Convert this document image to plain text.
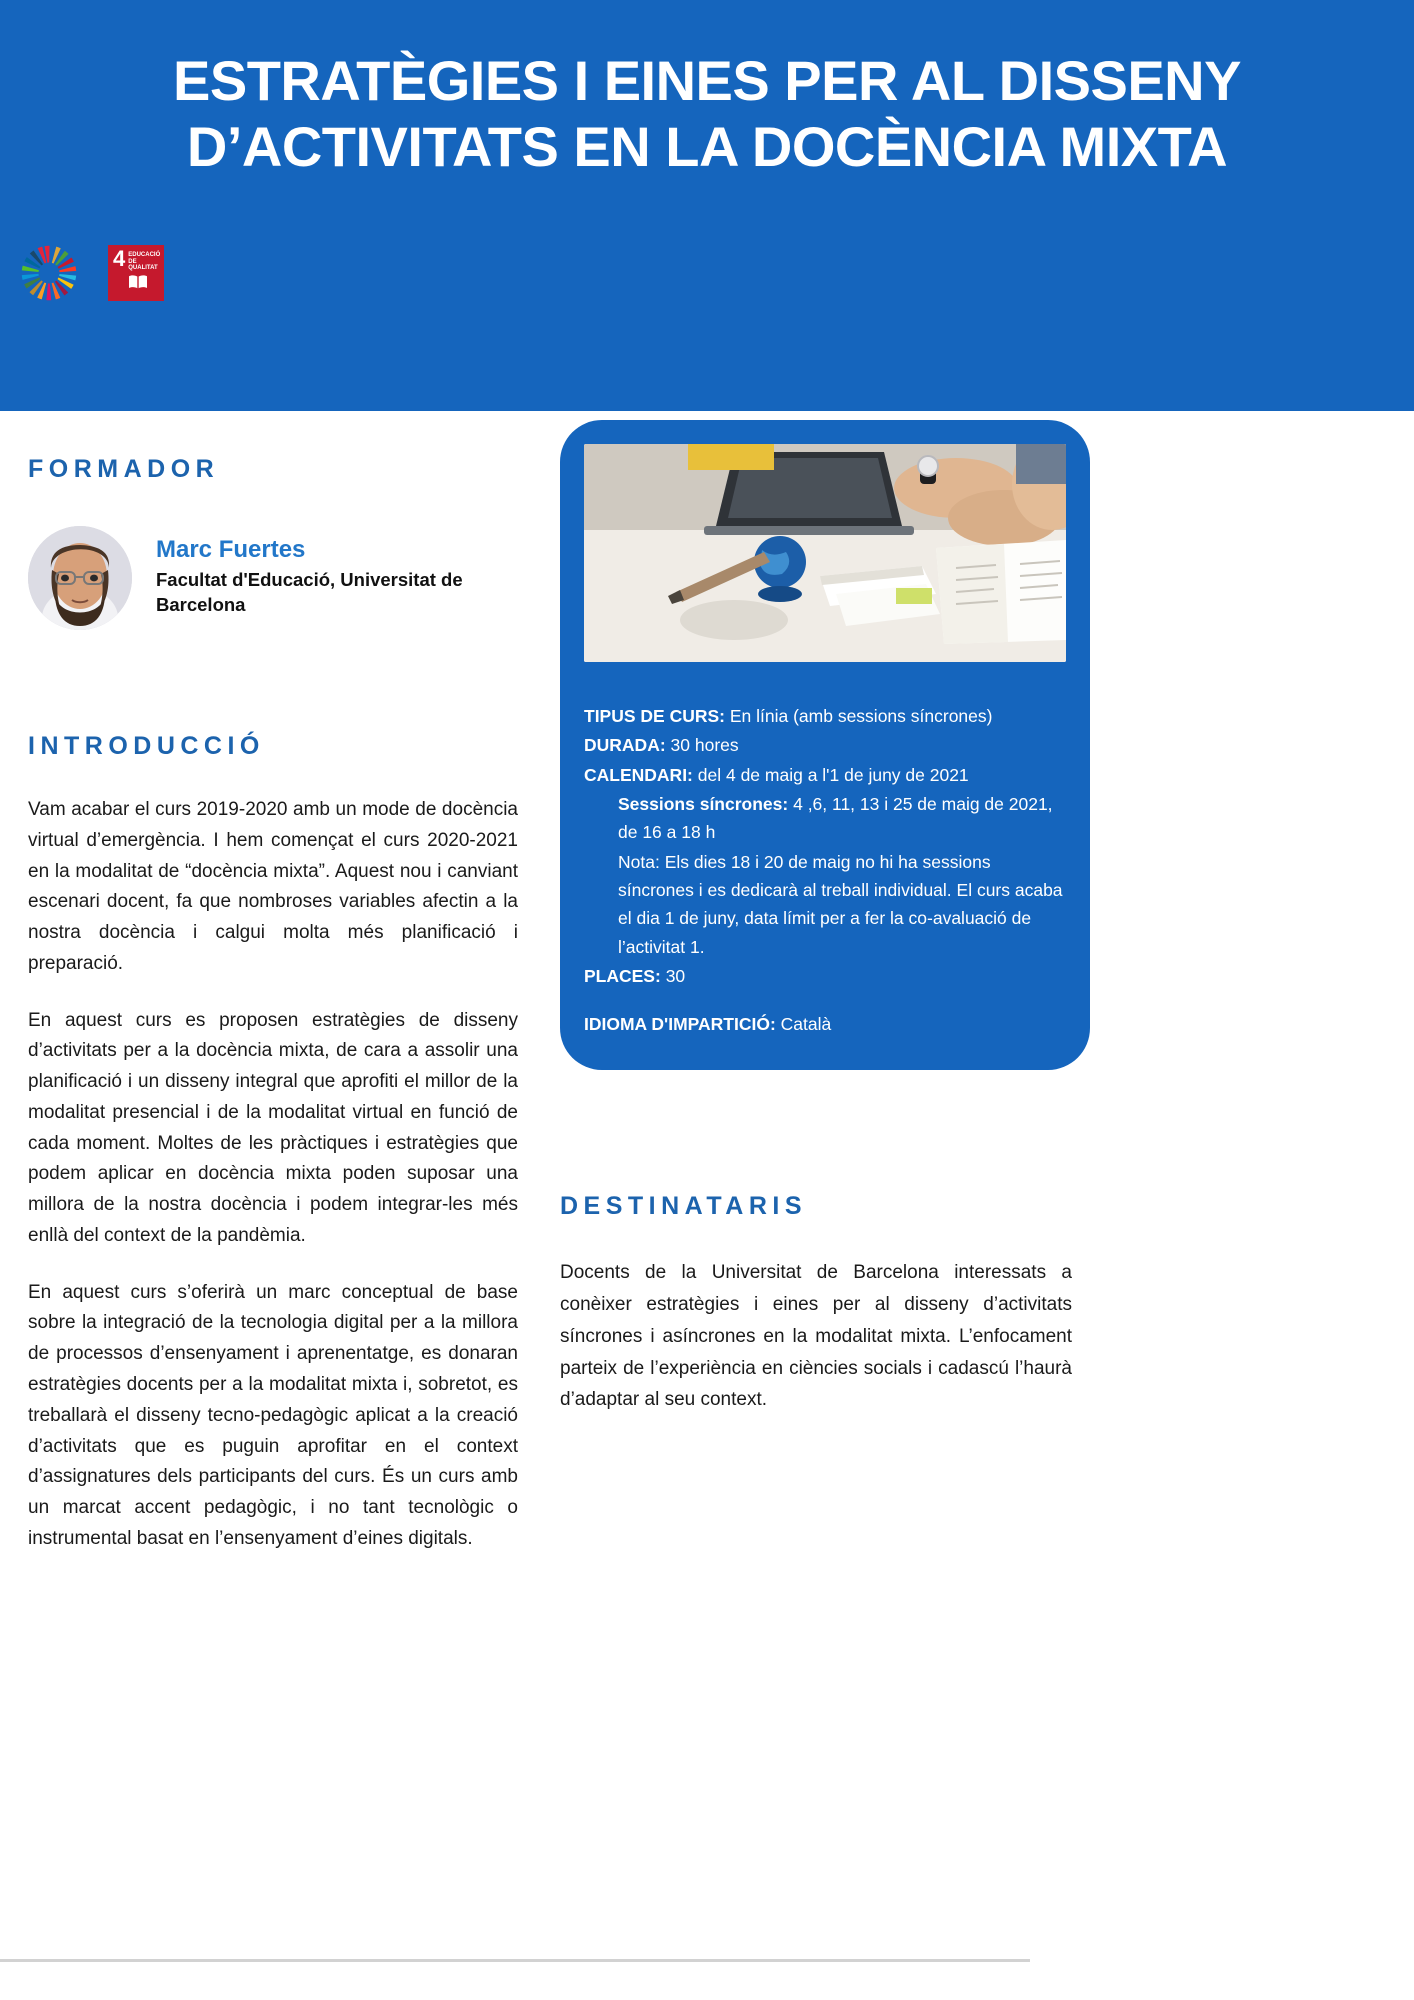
ESTRATÈGIES I EINES PER AL DISSENY D’ACTIVITATS EN LA DOCÈNCIA MIXTA
4 EDUCACIÓ DE QUALITAT
FORMADOR
Marc Fuertes
Facultat d'Educació, Universitat de Barcelona
INTRODUCCIÓ

Vam acabar el curs 2019-2020 amb un mode de docència virtual d’emergència. I hem començat el curs 2020-2021 en la modalitat de “docència mixta”. Aquest nou i canviant escenari docent, fa que nombroses variables afectin a la nostra docència i calgui molta més planificació i preparació.

En aquest curs es proposen estratègies de disseny d’activitats per a la docència mixta, de cara a assolir una planificació i un disseny integral que aprofiti el millor de la modalitat presencial i de la modalitat virtual en funció de cada moment. Moltes de les pràctiques i estratègies que podem aplicar en docència mixta poden suposar una millora de la nostra docència i podem integrar-les més enllà del context de la pandèmia.

En aquest curs s’oferirà un marc conceptual de base sobre la integració de la tecnologia digital per a la millora de processos d’ensenyament i aprenentatge, es donaran estratègies docents per a la modalitat mixta i, sobretot, es treballarà el disseny tecno-pedagògic aplicat a la creació d’activitats que es puguin aprofitar en el context d’assignatures dels participants del curs. És un curs amb un marcat accent pedagògic, i no tant tecnològic o instrumental basat en l’ensenyament d’eines digitals.

TIPUS DE CURS: En línia (amb sessions síncrones)
DURADA: 30 hores
CALENDARI: del 4 de maig a l'1 de juny de 2021
Sessions síncrones: 4 ,6, 11, 13 i 25 de maig de 2021, de 16 a 18 h
Nota: Els dies 18 i 20 de maig no hi ha sessions síncrones i es dedicarà al treball individual. El curs acaba el dia 1 de juny, data límit per a fer la co-avaluació de l’activitat 1.
PLACES: 30
IDIOMA D'IMPARTICIÓ: Català
DESTINATARIS
Docents de la Universitat de Barcelona interessats a conèixer estratègies i eines per al disseny d’activitats síncrones i asíncrones en la modalitat mixta. L’enfocament parteix de l’experiència en ciències socials i cadascú l’haurà d’adaptar al seu context.
